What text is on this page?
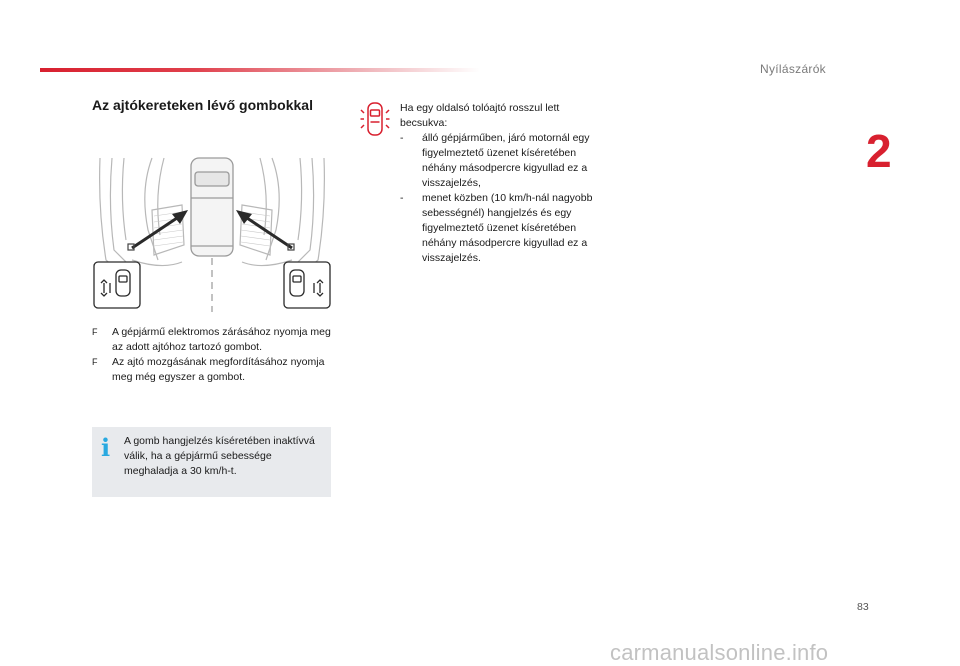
Nyílászárók
2
Az ajtókereteken lévő gombokkal
F	A gépjármű elektromos zárásához nyomja meg az adott ajtóhoz tartozó gombot.
F	Az ajtó mozgásának megfordításához nyomja meg még egyszer a gombot.
i A gomb hangjelzés kíséretében inaktívvá válik, ha a gépjármű sebessége meghaladja a 30 km/h-t.
Ha egy oldalsó tolóajtó rosszul lett becsukva:
-	álló gépjárműben, járó motornál egy figyelmeztető üzenet kíséretében néhány másodpercre kigyullad ez a visszajelzés,
-	menet közben (10 km/h-nál nagyobb sebességnél) hangjelzés és egy figyelmeztető üzenet kíséretében néhány másodpercre kigyullad ez a visszajelzés.
83
carmanualsonline.info
